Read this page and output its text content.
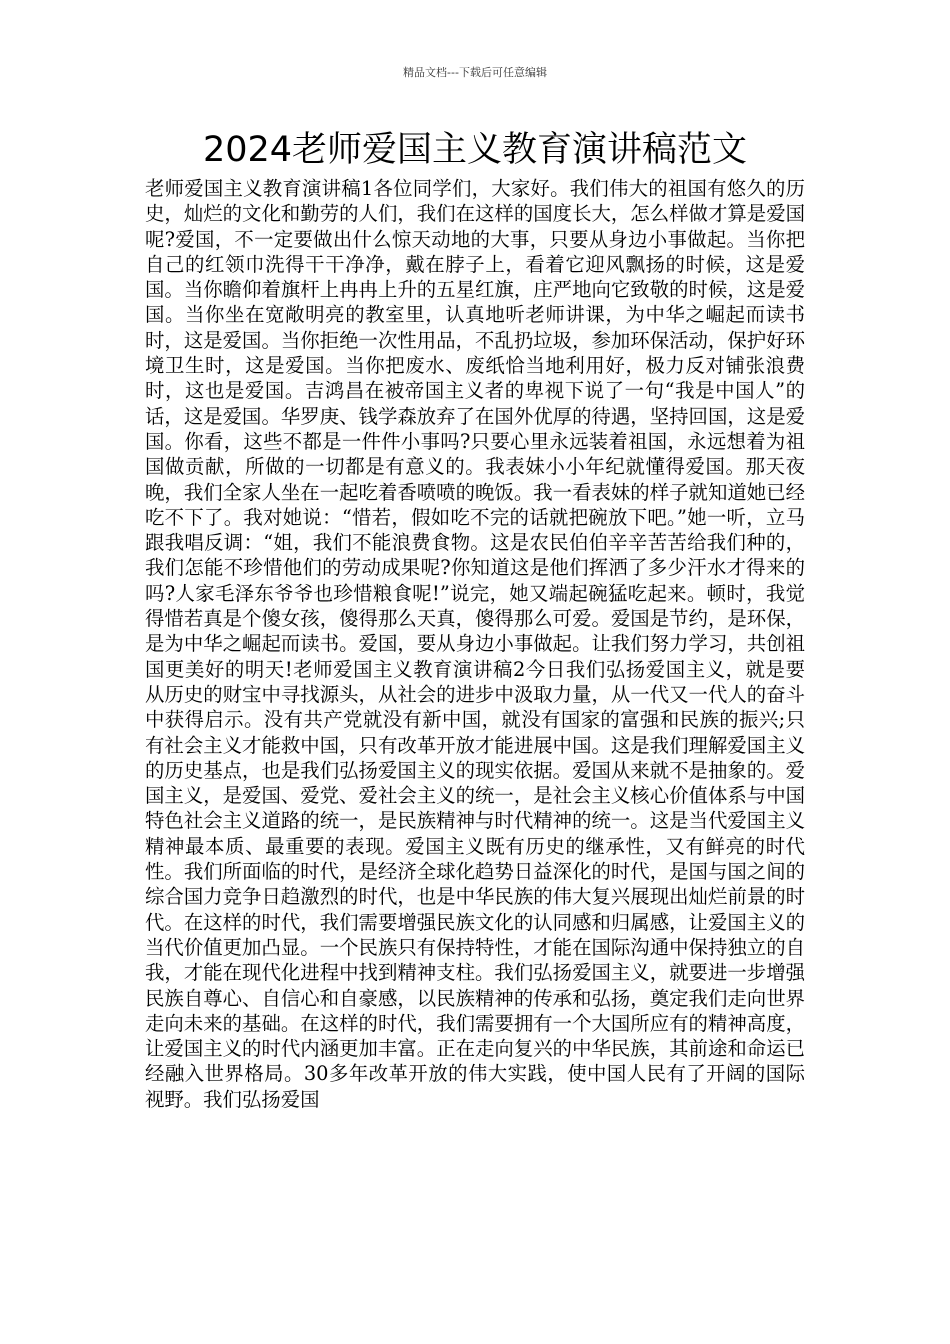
精品文档---下载后可任意编辑
2024老师爱国主义教育演讲稿范文

老师爱国主义教育演讲稿1各位同学们，大家好。我们伟大的祖国有悠久的历史，灿烂的文化和勤劳的人们，我们在这样的国度长大，怎么样做才算是爱国呢?爱国，不一定要做出什么惊天动地的大事，只要从身边小事做起。当你把自己的红领巾洗得干干净净，戴在脖子上，看着它迎风飘扬的时候，这是爱国。当你瞻仰着旗杆上冉冉上升的五星红旗，庄严地向它致敬的时候，这是爱国。当你坐在宽敞明亮的教室里，认真地听老师讲课，为中华之崛起而读书时，这是爱国。当你拒绝一次性用品，不乱扔垃圾，参加环保活动，保护好环境卫生时，这是爱国。当你把废水、废纸恰当地利用好，极力反对铺张浪费时，这也是爱国。吉鸿昌在被帝国主义者的卑视下说了一句“我是中国人”的话，这是爱国。华罗庚、钱学森放弃了在国外优厚的待遇，坚持回国，这是爱国。你看，这些不都是一件件小事吗?只要心里永远装着祖国，永远想着为祖国做贡献，所做的一切都是有意义的。我表妹小小年纪就懂得爱国。那天夜晚，我们全家人坐在一起吃着香喷喷的晚饭。我一看表妹的样子就知道她已经吃不下了。我对她说：“惜若，假如吃不完的话就把碗放下吧。”她一听，立马跟我唱反调：“姐，我们不能浪费食物。这是农民伯伯辛辛苦苦给我们种的，我们怎能不珍惜他们的劳动成果呢?你知道这是他们挥洒了多少汗水才得来的吗?人家毛泽东爷爷也珍惜粮食呢!”说完，她又端起碗猛吃起来。顿时，我觉得惜若真是个傻女孩，傻得那么天真，傻得那么可爱。爱国是节约，是环保，是为中华之崛起而读书。爱国，要从身边小事做起。让我们努力学习，共创祖国更美好的明天!老师爱国主义教育演讲稿2今日我们弘扬爱国主义，就是要从历史的财宝中寻找源头，从社会的进步中汲取力量，从一代又一代人的奋斗中获得启示。没有共产党就没有新中国，就没有国家的富强和民族的振兴;只有社会主义才能救中国，只有改革开放才能进展中国。这是我们理解爱国主义的历史基点，也是我们弘扬爱国主义的现实依据。爱国从来就不是抽象的。爱国主义，是爱国、爱党、爱社会主义的统一，是社会主义核心价值体系与中国特色社会主义道路的统一，是民族精神与时代精神的统一。这是当代爱国主义精神最本质、最重要的表现。爱国主义既有历史的继承性，又有鲜亮的时代性。我们所面临的时代，是经济全球化趋势日益深化的时代，是国与国之间的综合国力竞争日趋激烈的时代，也是中华民族的伟大复兴展现出灿烂前景的时代。在这样的时代，我们需要增强民族文化的认同感和归属感，让爱国主义的当代价值更加凸显。一个民族只有保持特性，才能在国际沟通中保持独立的自我，才能在现代化进程中找到精神支柱。我们弘扬爱国主义，就要进一步增强民族自尊心、自信心和自豪感，以民族精神的传承和弘扬，奠定我们走向世界走向未来的基础。在这样的时代，我们需要拥有一个大国所应有的精神高度，让爱国主义的时代内涵更加丰富。正在走向复兴的中华民族，其前途和命运已经融入世界格局。30多年改革开放的伟大实践，使中国人民有了开阔的国际视野。我们弘扬爱国
